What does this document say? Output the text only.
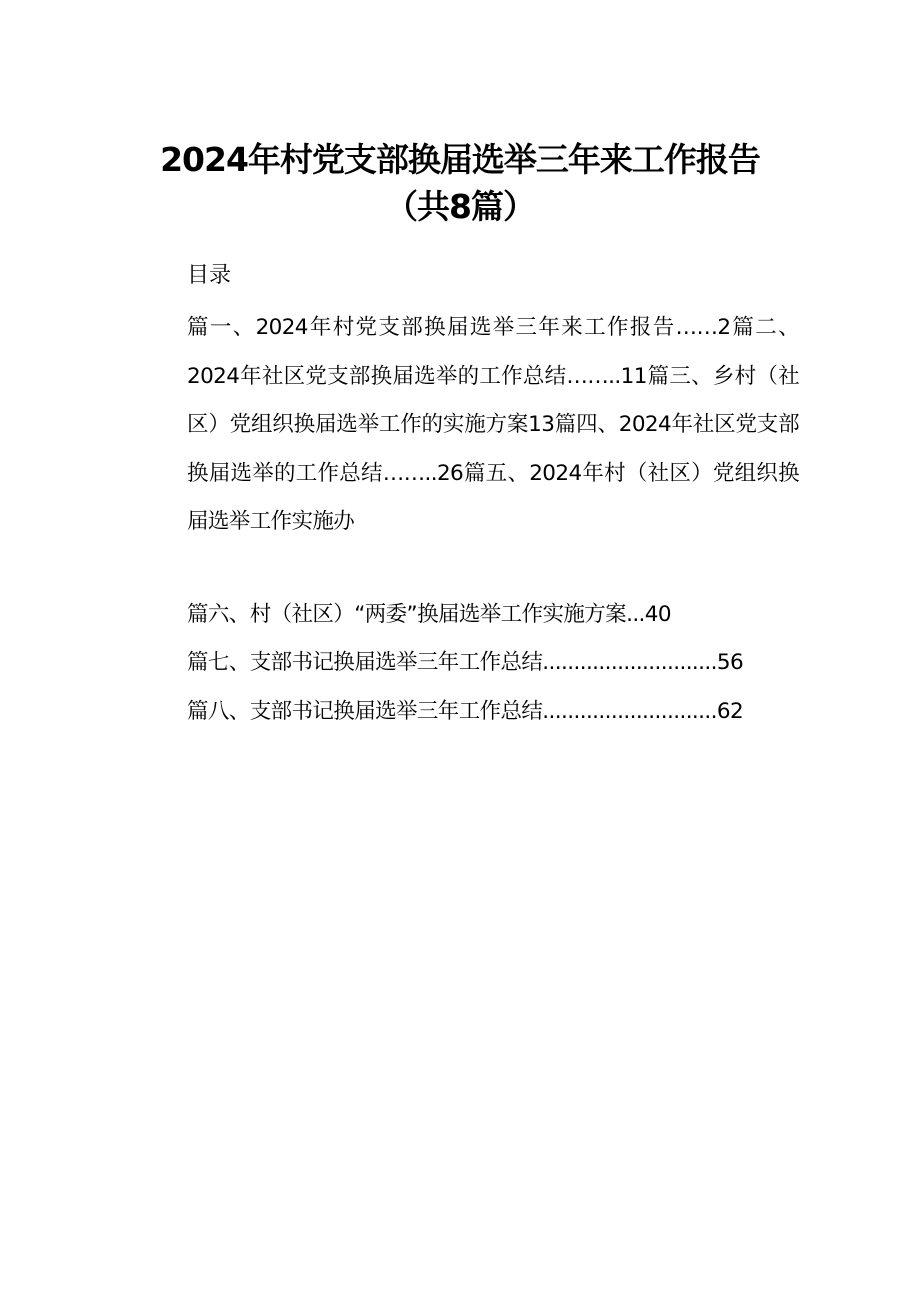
2024年村党支部换届选举三年来工作报告
（共8篇）
目录
篇一、2024年村党支部换届选举三年来工作报告……2篇二、2024年社区党支部换届选举的工作总结……..11篇三、乡村（社区）党组织换届选举工作的实施方案13篇四、2024年社区党支部换届选举的工作总结……..26篇五、2024年村（社区）党组织换届选举工作实施办
篇六、村（社区）“两委”换届选举工作实施方案...40
篇七、支部书记换届选举三年工作总结............................56
篇八、支部书记换届选举三年工作总结............................62
